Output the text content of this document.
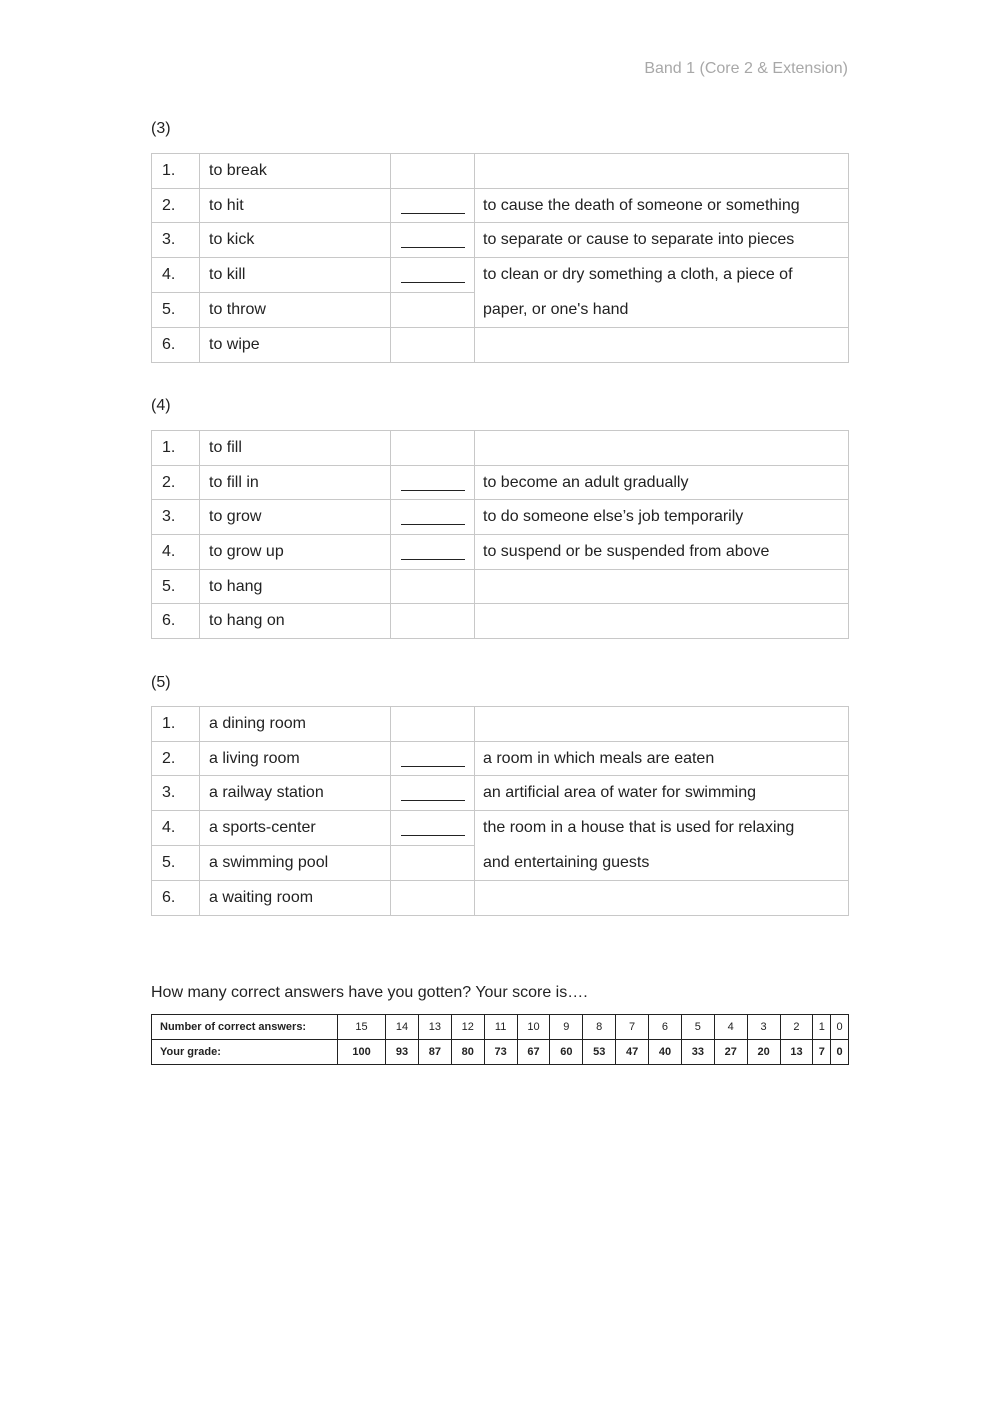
Band 1 (Core 2 & Extension)
(3)
1.	to break		
2.	to hit		to cause the death of someone or something
3.	to kick		to separate or cause to separate into pieces
4.	to kill		to clean or dry something a cloth, a piece of paper, or one's hand
5.	to throw		
6.	to wipe		
(4)
1.	to fill		
2.	to fill in		to become an adult gradually
3.	to grow		to do someone else’s job temporarily
4.	to grow up		to suspend or be suspended from above
5.	to hang		
6.	to hang on		
(5)
1.	a dining room		
2.	a living room		a room in which meals are eaten
3.	a railway station		an artificial area of water for swimming
4.	a sports-center		the room in a house that is used for relaxing and entertaining guests
5.	a swimming pool		
6.	a waiting room		
How many correct answers have you gotten? Your score is….
Number of correct answers:	15	14	13	12	11	10	9	8	7	6	5	4	3	2	1	0
Your grade:	100	93	87	80	73	67	60	53	47	40	33	27	20	13	7	0
